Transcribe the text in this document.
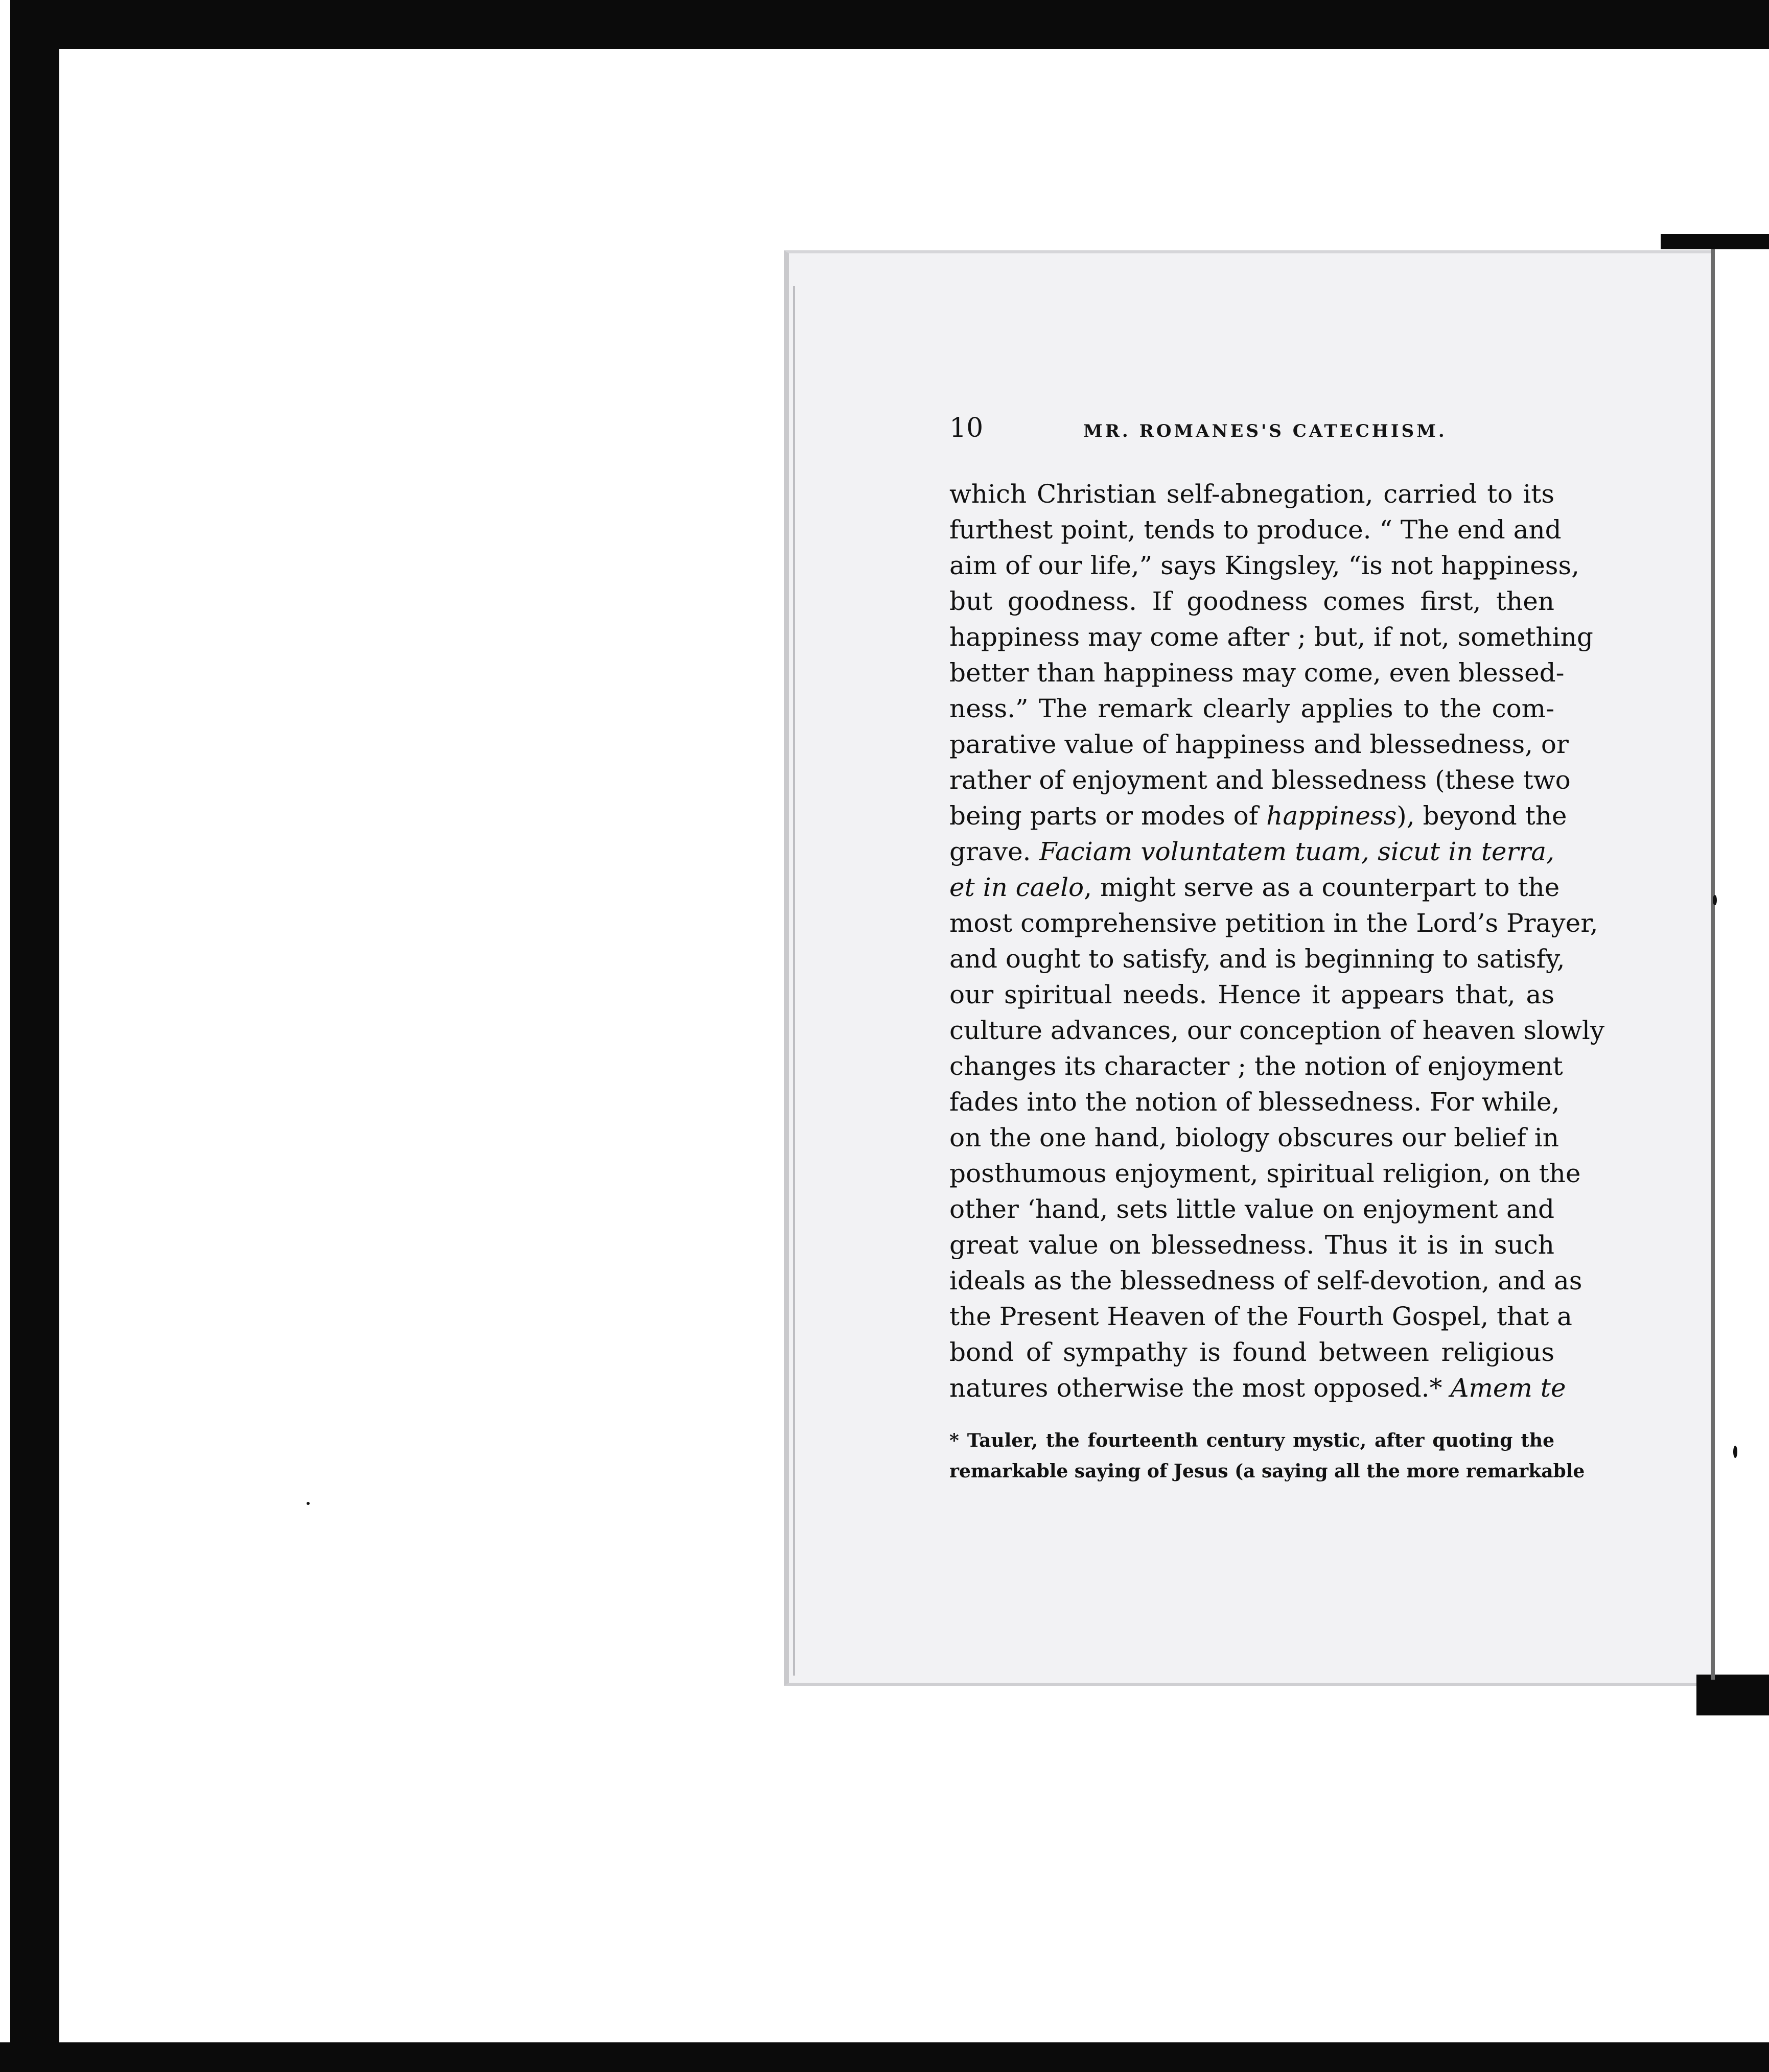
10	MR. ROMANES'S CATECHISM.
which Christian self-abnegation, carried to its
furthest point, tends to produce. “ The end and
aim of our life,” says Kingsley, “is not happiness,
but goodness. If goodness comes first, then
happiness may come after ; but, if not, something
better than happiness may come, even blessed-
ness.” The remark clearly applies to the com-
parative value of happiness and blessedness, or
rather of enjoyment and blessedness (these two
being parts or modes of happiness), beyond the
grave. Faciam voluntatem tuam, sicut in terra,
et in caelo, might serve as a counterpart to the
most comprehensive petition in the Lord’s Prayer,
and ought to satisfy, and is beginning to satisfy,
our spiritual needs. Hence it appears that, as
culture advances, our conception of heaven slowly
changes its character ; the notion of enjoyment
fades into the notion of blessedness. For while,
on the one hand, biology obscures our belief in
posthumous enjoyment, spiritual religion, on the
other ‘hand, sets little value on enjoyment and
great value on blessedness. Thus it is in such
ideals as the blessedness of self-devotion, and as
the Present Heaven of the Fourth Gospel, that a
bond of sympathy is found between religious
natures otherwise the most opposed.* Amem te
* Tauler, the fourteenth century mystic, after quoting the
remarkable saying of Jesus (a saying all the more remarkable
